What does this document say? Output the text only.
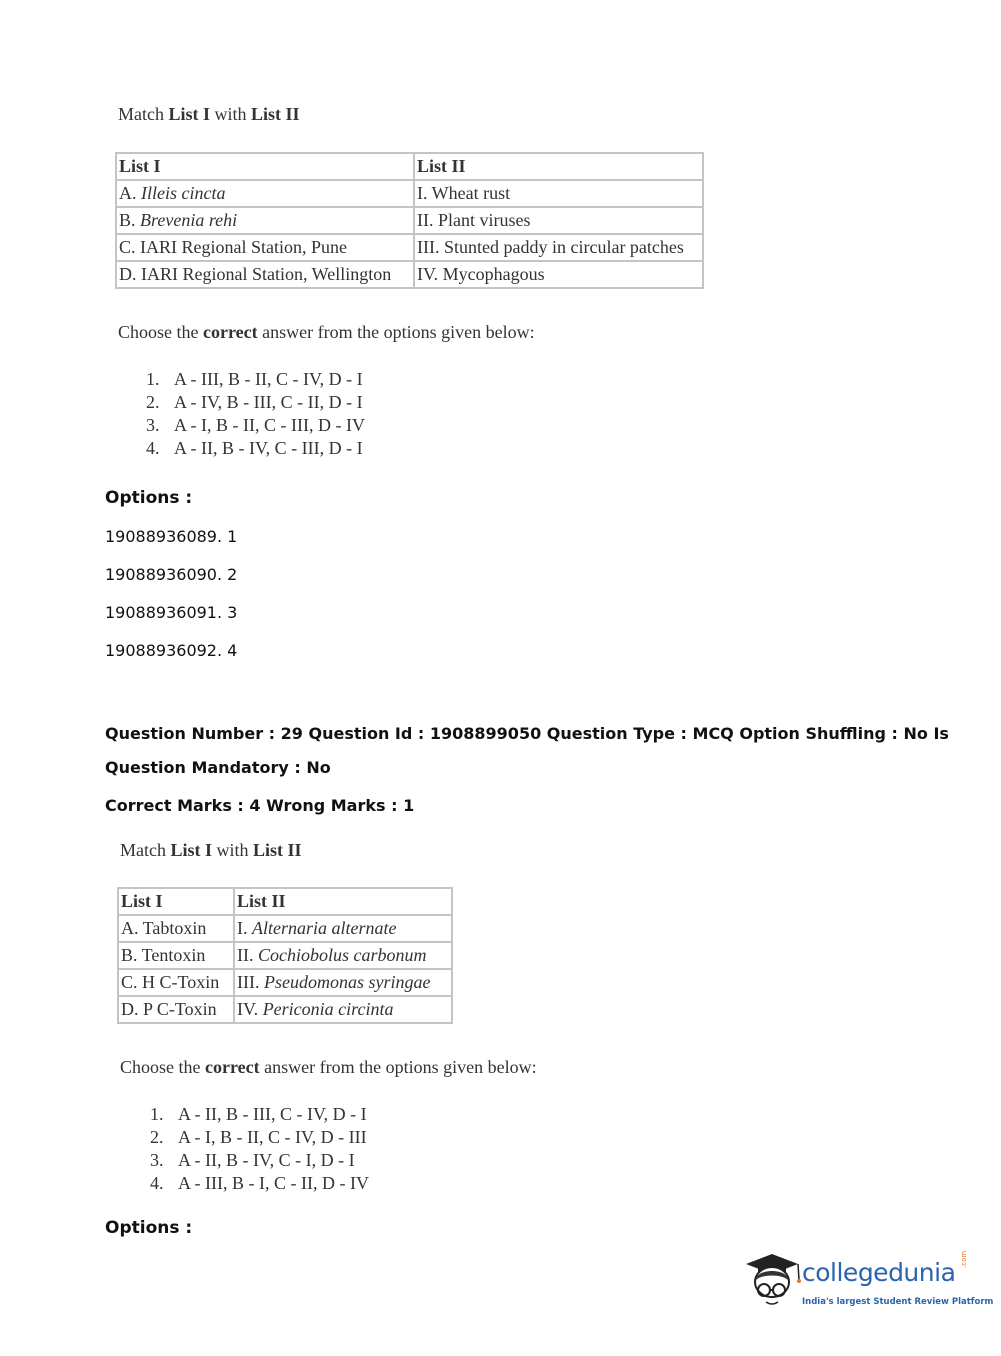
Match List I with List II
List I	List II
A. Illeis cincta	I. Wheat rust
B. Brevenia rehi	II. Plant viruses
C. IARI Regional Station, Pune	III. Stunted paddy in circular patches
D. IARI Regional Station, Wellington	IV. Mycophagous
Choose the correct answer from the options given below:
1. A - III, B - II, C - IV, D - I
2. A - IV, B - III, C - II, D - I
3. A - I, B - II, C - III, D - IV
4. A - II, B - IV, C - III, D - I
Options :
19088936089. 1
19088936090. 2
19088936091. 3
19088936092. 4
Question Number : 29 Question Id : 1908899050 Question Type : MCQ Option Shuffling : No Is
Question Mandatory : No
Correct Marks : 4 Wrong Marks : 1
Match List I with List II
List I	List II
A. Tabtoxin	I. Alternaria alternate
B. Tentoxin	II. Cochiobolus carbonum
C. H C-Toxin	III. Pseudomonas syringae
D. P C-Toxin	IV. Periconia circinta
Choose the correct answer from the options given below:
1. A - II, B - III, C - IV, D - I
2. A - I, B - II, C - IV, D - III
3. A - II, B - IV, C - I, D - I
4. A - III, B - I, C - II, D - IV
Options :
collegedunia .com
India's largest Student Review Platform
